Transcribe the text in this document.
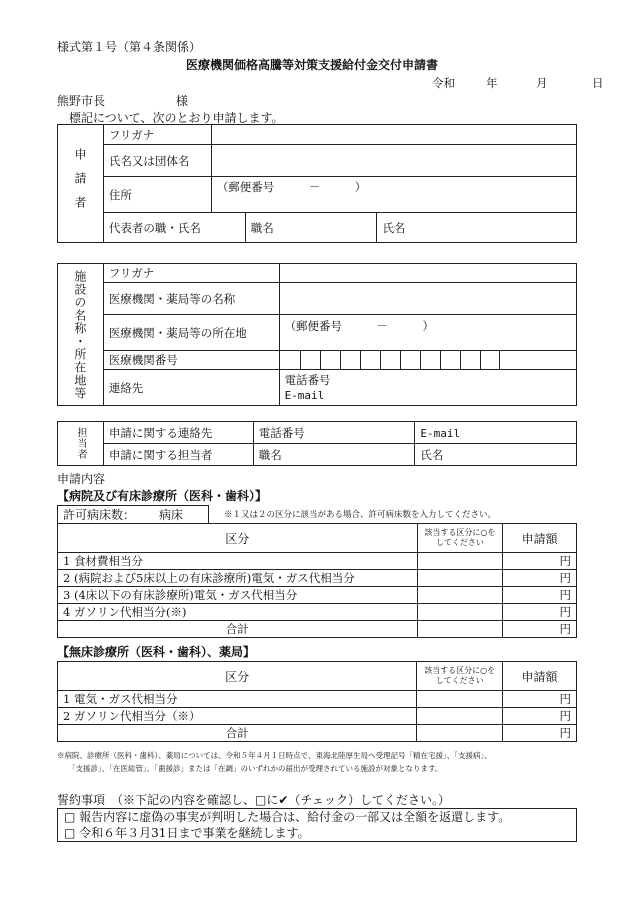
様式第１号（第４条関係）
医療機関価格高騰等対策支援給付金交付申請書
令和	年	月	日
熊野市長	様
標記について、次のとおり申請します。
申請者	フリガナ			
	氏名又は団体名			
	住所	（郵便番号　　　－　　　）		
	代表者の職・氏名		職名	氏名
施設の名称・所在地等	フリガナ	
	医療機関・薬局等の名称	
	医療機関・薬局等の所在地	（郵便番号　　　－　　　）
	医療機関番号	

	連絡先	電話番号
E-mail
担当者	申請に関する連絡先	電話番号	E-mail
	申請に関する担当者	職名	氏名
申請内容
【病院及び有床診療所（医科・歯科）】
許可病床数： 病床	※１又は２の区分に該当がある場合、許可病床数を入力してください。
区分	該当する区分に○をしてください	申請額
1 食材費相当分		円
2 (病院および5床以上の有床診療所)電気・ガス代相当分		円
3 (4床以下の有床診療所)電気・ガス代相当分		円
4 ガソリン代相当分(※)		円
合計		円
【無床診療所（医科・歯科）、薬局】
区分	該当する区分に○をしてください	申請額
1 電気・ガス代相当分		円
2 ガソリン代相当分（※）		円
合計		円
※病院、診療所（医科・歯科）、薬局については、令和５年４月１日時点で、東海北陸厚生局へ受理記号「精在宅援」、「支援病」、
「支援診」、「在医総管」、「歯援診」または「在調」のいずれかの届出が受理されている施設が対象となります。
誓約事項　（※下記の内容を確認し、□に✔（チェック）してください。）
□ 報告内容に虚偽の事実が判明した場合は、給付金の一部又は全額を返還します。
□ 令和６年３月31日まで事業を継続します。
